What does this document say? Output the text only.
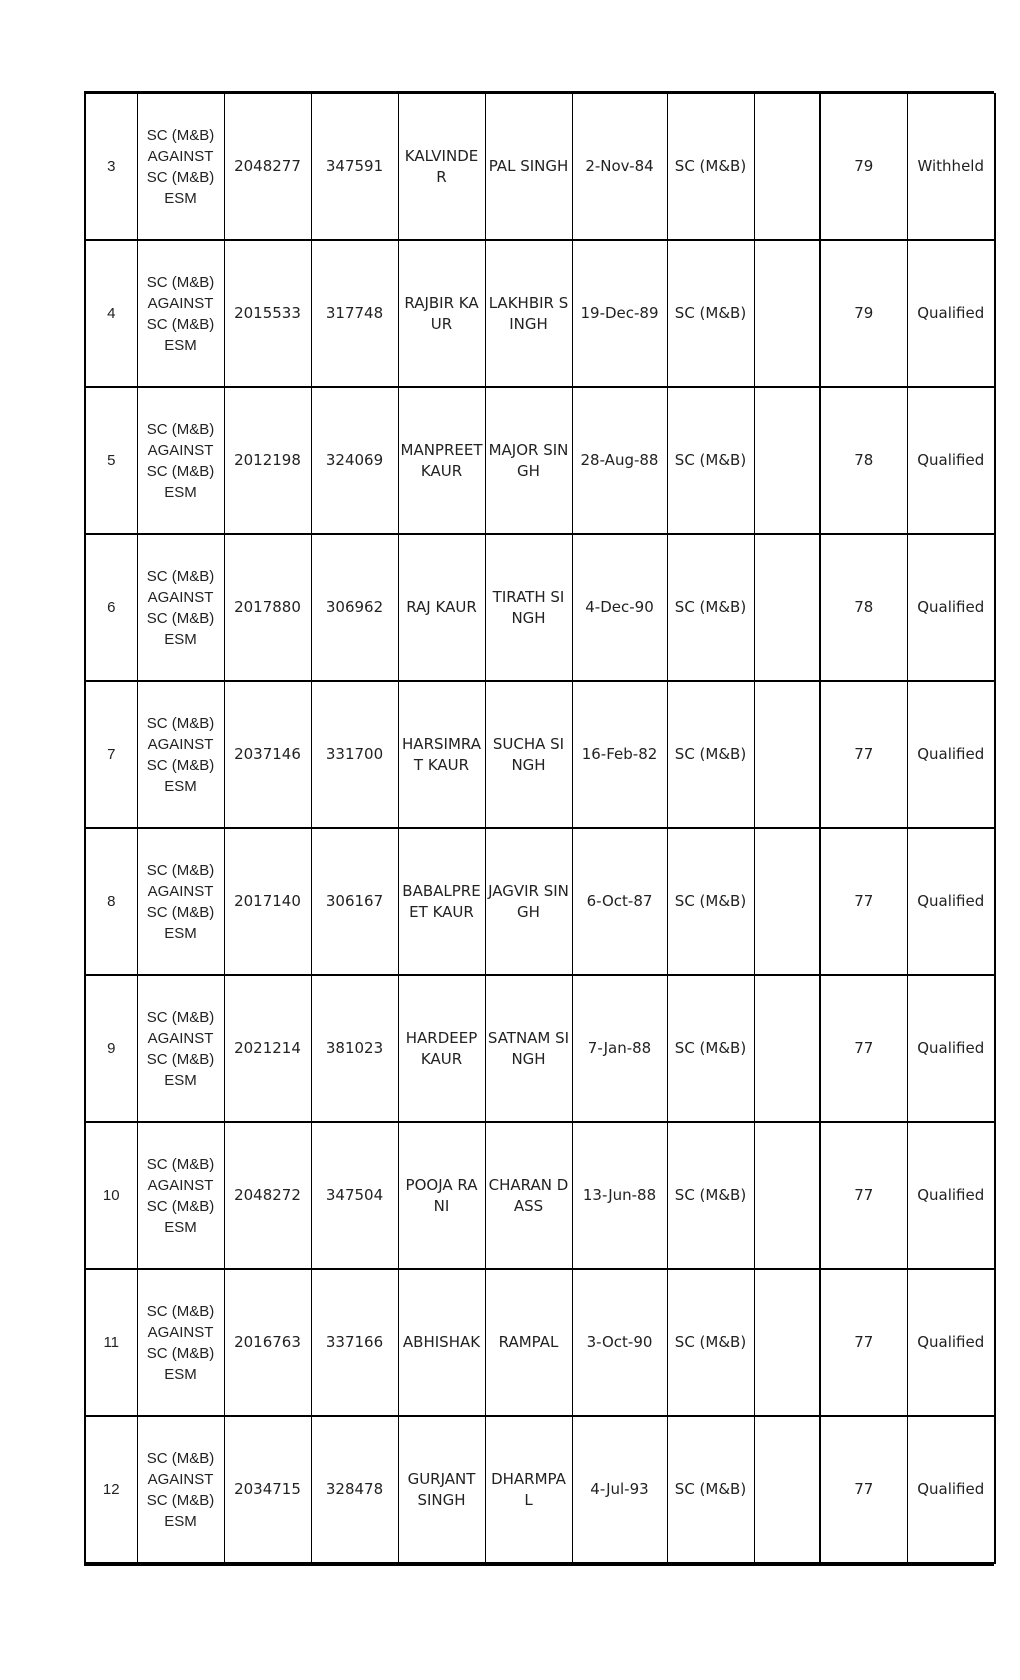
3	SC (M&B)
AGAINST
SC (M&B)
ESM	2048277	347591	KALVINDER	PAL SINGH	2-Nov-84	SC (M&B)		79	Withheld
4	SC (M&B)
AGAINST
SC (M&B)
ESM	2015533	317748	RAJBIR KAUR	LAKHBIR SINGH	19-Dec-89	SC (M&B)		79	Qualified
5	SC (M&B)
AGAINST
SC (M&B)
ESM	2012198	324069	MANPREET KAUR	MAJOR SINGH	28-Aug-88	SC (M&B)		78	Qualified
6	SC (M&B)
AGAINST
SC (M&B)
ESM	2017880	306962	RAJ KAUR	TIRATH SINGH	4-Dec-90	SC (M&B)		78	Qualified
7	SC (M&B)
AGAINST
SC (M&B)
ESM	2037146	331700	HARSIMRAT KAUR	SUCHA SINGH	16-Feb-82	SC (M&B)		77	Qualified
8	SC (M&B)
AGAINST
SC (M&B)
ESM	2017140	306167	BABALPREET KAUR	JAGVIR SINGH	6-Oct-87	SC (M&B)		77	Qualified
9	SC (M&B)
AGAINST
SC (M&B)
ESM	2021214	381023	HARDEEP KAUR	SATNAM SINGH	7-Jan-88	SC (M&B)		77	Qualified
10	SC (M&B)
AGAINST
SC (M&B)
ESM	2048272	347504	POOJA RANI	CHARAN DASS	13-Jun-88	SC (M&B)		77	Qualified
11	SC (M&B)
AGAINST
SC (M&B)
ESM	2016763	337166	ABHISHAK	RAMPAL	3-Oct-90	SC (M&B)		77	Qualified
12	SC (M&B)
AGAINST
SC (M&B)
ESM	2034715	328478	GURJANT SINGH	DHARMPAL	4-Jul-93	SC (M&B)		77	Qualified
